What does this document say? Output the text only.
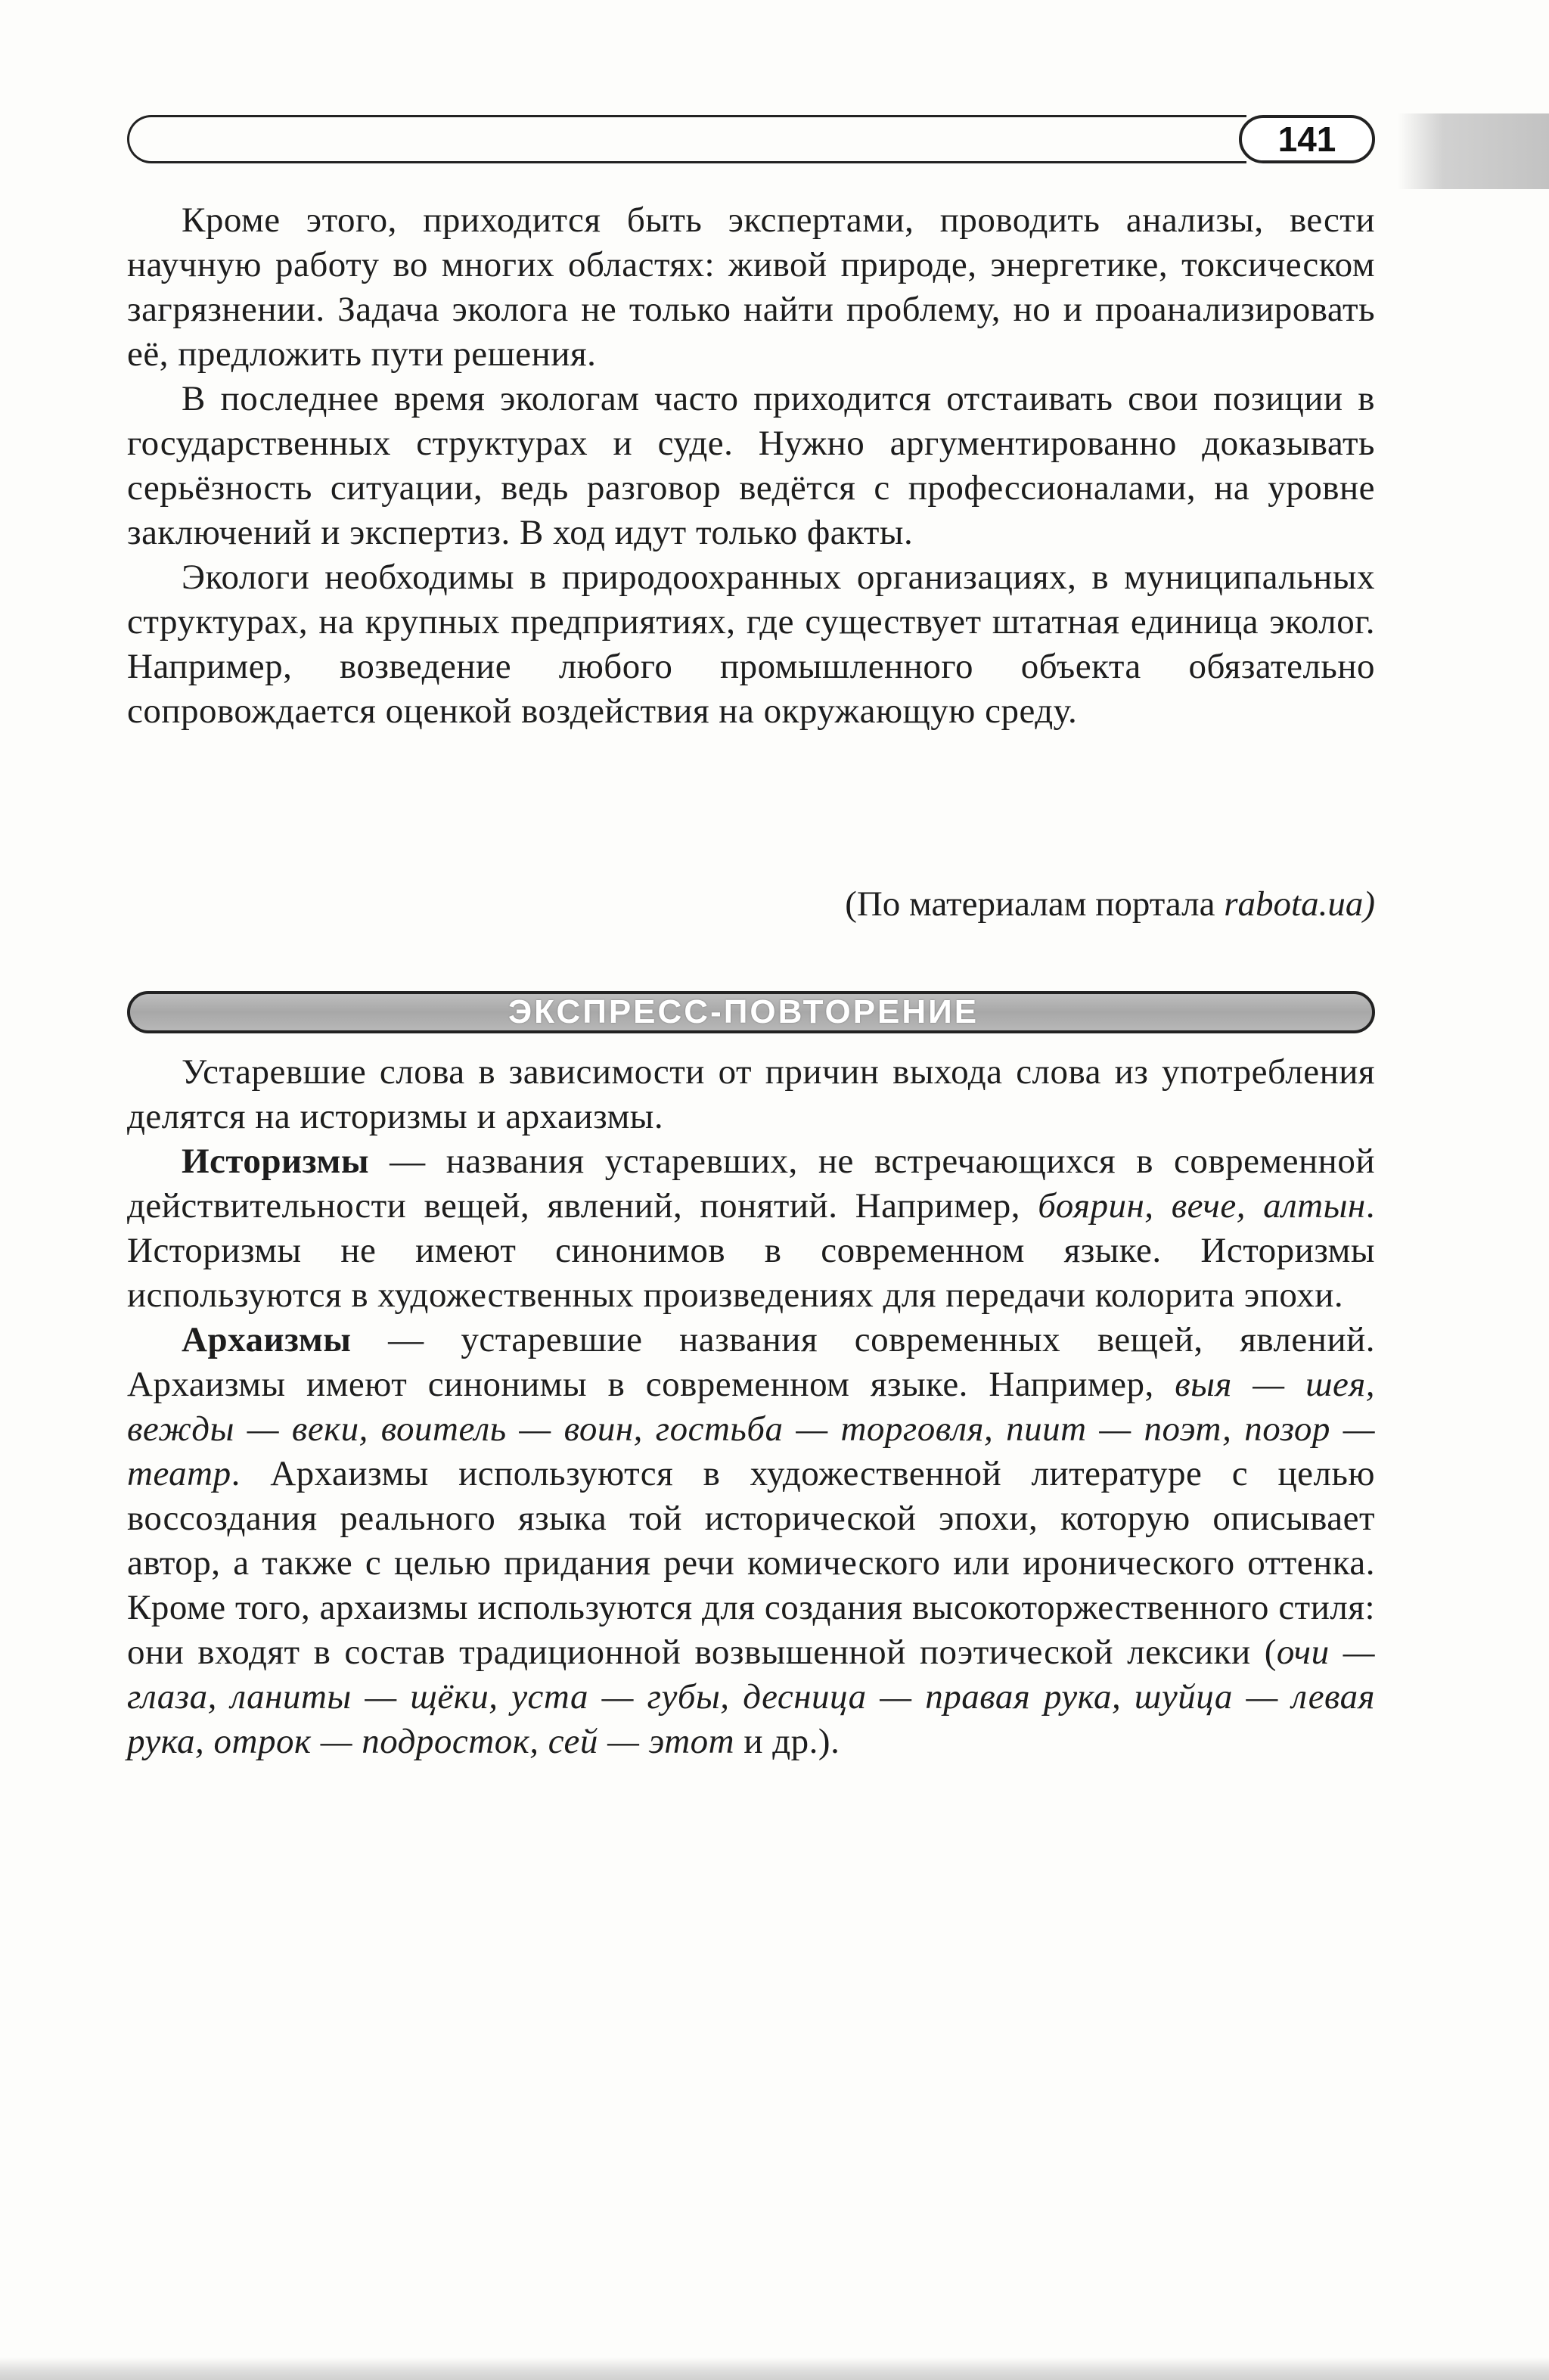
141

Кроме этого, приходится быть экспертами, проводить анализы, вести научную работу во многих областях: живой природе, энергетике, токсическом загрязнении. Задача эколога не только найти проблему, но и проанализировать её, предложить пути решения.

В последнее время экологам часто приходится отстаивать свои позиции в государственных структурах и суде. Нужно аргументированно доказывать серьёзность ситуации, ведь разговор ведётся с профессионалами, на уровне заключений и экспертиз. В ход идут только факты.

Экологи необходимы в природоохранных организациях, в муниципальных структурах, на крупных предприятиях, где существует штатная единица эколог. Например, возведение любого промышленного объекта обязательно сопровождается оценкой воздействия на окружающую среду.

(По материалам портала rabota.ua)
ЭКСПРЕСС-ПОВТОРЕНИЕ

Устаревшие слова в зависимости от причин выхода слова из употребления делятся на историзмы и архаизмы.

Историзмы — названия устаревших, не встречающихся в современной действительности вещей, явлений, понятий. Например, боярин, вече, алтын. Историзмы не имеют синонимов в современном языке. Историзмы используются в художественных произведениях для передачи колорита эпохи.

Архаизмы — устаревшие названия современных вещей, явлений. Архаизмы имеют синонимы в современном языке. Например, выя — шея, вежды — веки, воитель — воин, гостьба — торговля, пиит — поэт, позор — театр. Архаизмы используются в художественной литературе с целью воссоздания реального языка той исторической эпохи, которую описывает автор, а также с целью придания речи комического или иронического оттенка. Кроме того, архаизмы используются для создания высокоторжественного стиля: они входят в состав традиционной возвышенной поэтической лексики (очи — глаза, ланиты — щёки, уста — губы, десница — правая рука, шуйца — левая рука, отрок — подросток, сей — этот и др.).
